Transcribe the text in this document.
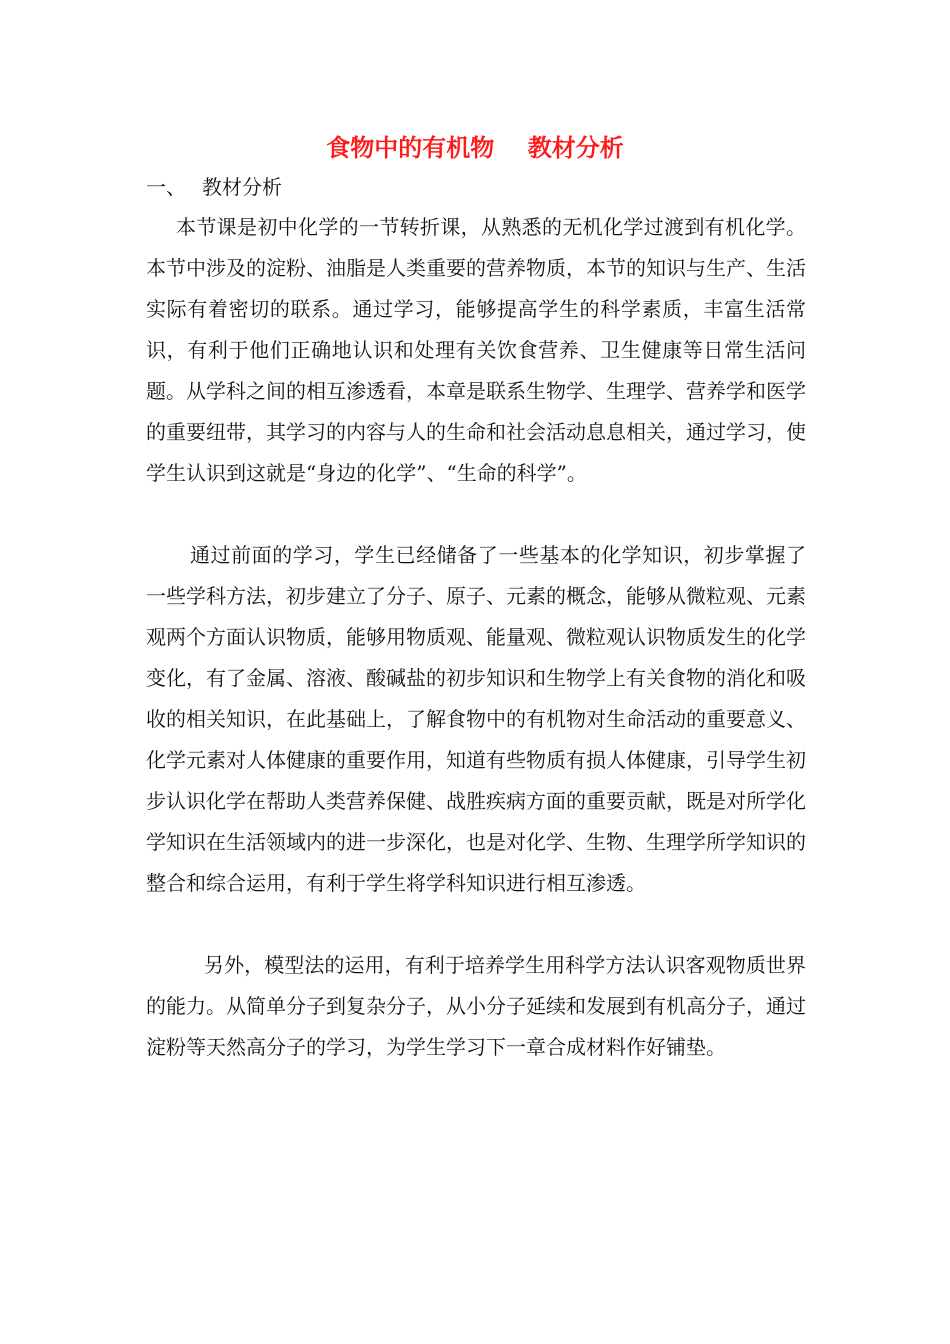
食物中的有机物    教材分析
一、 教材分析

本节课是初中化学的一节转折课，从熟悉的无机化学过渡到有机化学。本节中涉及的淀粉、油脂是人类重要的营养物质，本节的知识与生产、生活实际有着密切的联系。通过学习，能够提高学生的科学素质，丰富生活常识，有利于他们正确地认识和处理有关饮食营养、卫生健康等日常生活问题。从学科之间的相互渗透看，本章是联系生物学、生理学、营养学和医学的重要纽带，其学习的内容与人的生命和社会活动息息相关，通过学习，使学生认识到这就是“身边的化学”、“生命的科学”。

通过前面的学习，学生已经储备了一些基本的化学知识，初步掌握了一些学科方法，初步建立了分子、原子、元素的概念，能够从微粒观、元素观两个方面认识物质，能够用物质观、能量观、微粒观认识物质发生的化学变化，有了金属、溶液、酸碱盐的初步知识和生物学上有关食物的消化和吸收的相关知识，在此基础上，了解食物中的有机物对生命活动的重要意义、化学元素对人体健康的重要作用，知道有些物质有损人体健康，引导学生初步认识化学在帮助人类营养保健、战胜疾病方面的重要贡献，既是对所学化学知识在生活领域内的进一步深化，也是对化学、生物、生理学所学知识的整合和综合运用，有利于学生将学科知识进行相互渗透。

另外，模型法的运用，有利于培养学生用科学方法认识客观物质世界的能力。从简单分子到复杂分子，从小分子延续和发展到有机高分子，通过淀粉等天然高分子的学习，为学生学习下一章合成材料作好铺垫。
